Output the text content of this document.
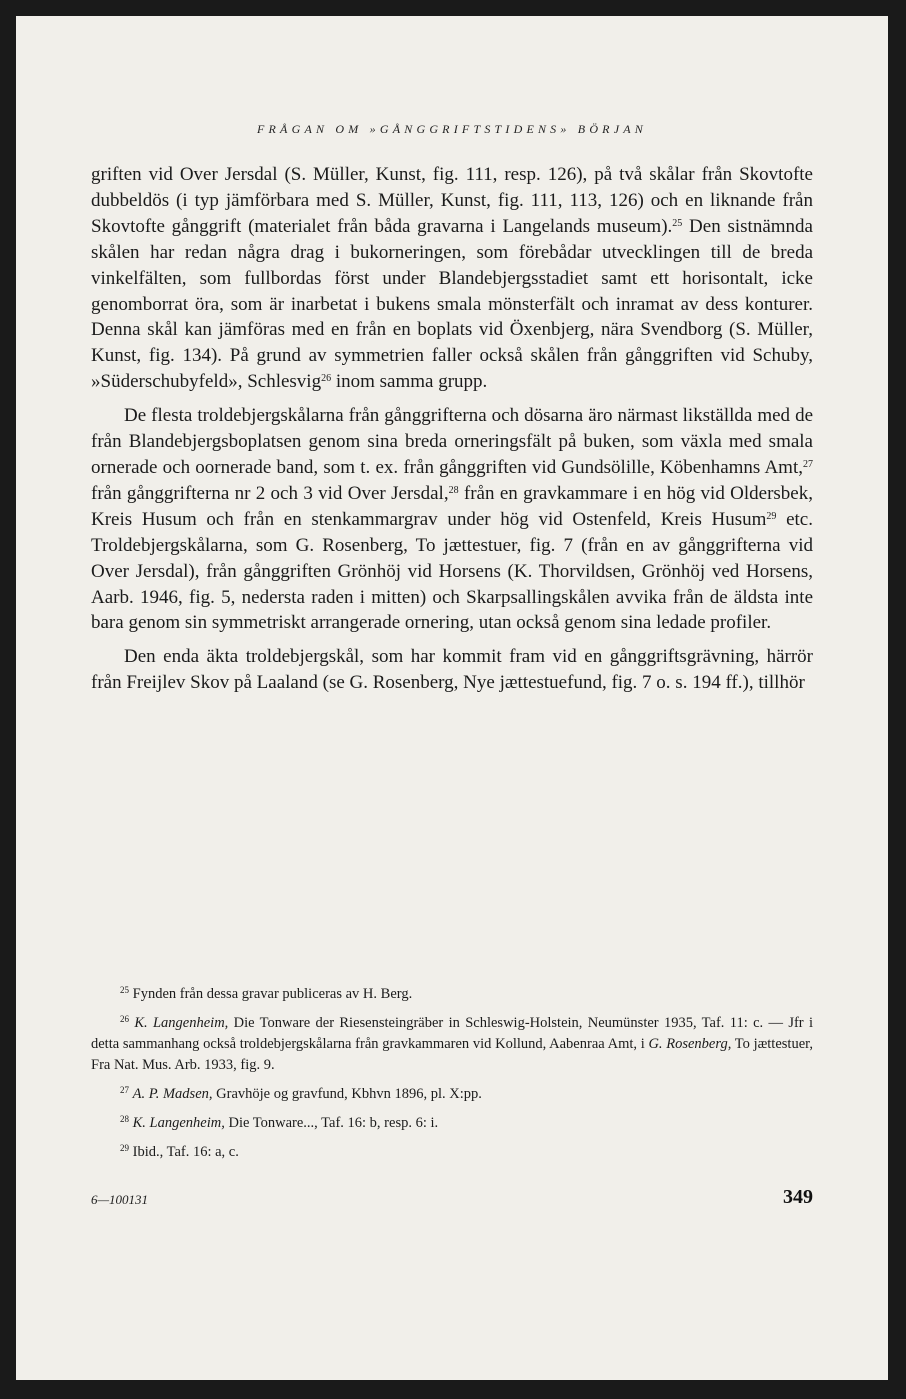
FRÅGAN OM »GÅNGGRIFTSTIDENS» BÖRJAN

griften vid Over Jersdal (S. Müller, Kunst, fig. 111, resp. 126), på två skålar från Skovtofte dubbeldös (i typ jämförbara med S. Müller, Kunst, fig. 111, 113, 126) och en liknande från Skovtofte gånggrift (materialet från båda gravarna i Langelands museum).$^{25}$ Den sistnämnda skålen har redan några drag i bukorneringen, som förebådar utvecklingen till de breda vinkelfälten, som fullbordas först under Blandebjergsstadiet samt ett horisontalt, icke genomborrat öra, som är inarbetat i bukens smala mönsterfält och inramat av dess konturer. Denna skål kan jämföras med en från en boplats vid Öxenbjerg, nära Svendborg (S. Müller, Kunst, fig. 134). På grund av symmetrien faller också skålen från gånggriften vid Schuby, »Süderschubyfeld», Schlesvig$^{26}$ inom samma grupp.

De flesta troldebjergskålarna från gånggrifterna och dösarna äro närmast likställda med de från Blandebjergsboplatsen genom sina breda orneringsfält på buken, som växla med smala ornerade och oornerade band, som t. ex. från gånggriften vid Gundsölille, Köbenhamns Amt,$^{27}$ från gånggrifterna nr 2 och 3 vid Over Jersdal,$^{28}$ från en gravkammare i en hög vid Oldersbek, Kreis Husum och från en stenkammargrav under hög vid Ostenfeld, Kreis Husum$^{29}$ etc. Troldebjergskålarna, som G. Rosenberg, To jættestuer, fig. 7 (från en av gånggrifterna vid Over Jersdal), från gånggriften Grönhöj vid Horsens (K. Thorvildsen, Grönhöj ved Horsens, Aarb. 1946, fig. 5, nedersta raden i mitten) och Skarpsallingskålen avvika från de äldsta inte bara genom sin symmetriskt arrangerade ornering, utan också genom sina ledade profiler.

Den enda äkta troldebjergskål, som har kommit fram vid en gånggriftsgrävning, härrör från Freijlev Skov på Laaland (se G. Rosenberg, Nye jættestuefund, fig. 7 o. s. 194 ff.), tillhör

$^{25}$ Fynden från dessa gravar publiceras av H. Berg.

$^{26}$ K. Langenheim, Die Tonware der Riesensteingräber in Schleswig-Holstein, Neumünster 1935, Taf. 11: c. — Jfr i detta sammanhang också troldebjergskålarna från gravkammaren vid Kollund, Aabenraa Amt, i G. Rosenberg, To jættestuer, Fra Nat. Mus. Arb. 1933, fig. 9.

$^{27}$ A. P. Madsen, Gravhöje og gravfund, Kbhvn 1896, pl. X:pp.

$^{28}$ K. Langenheim, Die Tonware..., Taf. 16: b, resp. 6: i.

$^{29}$ Ibid., Taf. 16: a, c.

6—100131	349
